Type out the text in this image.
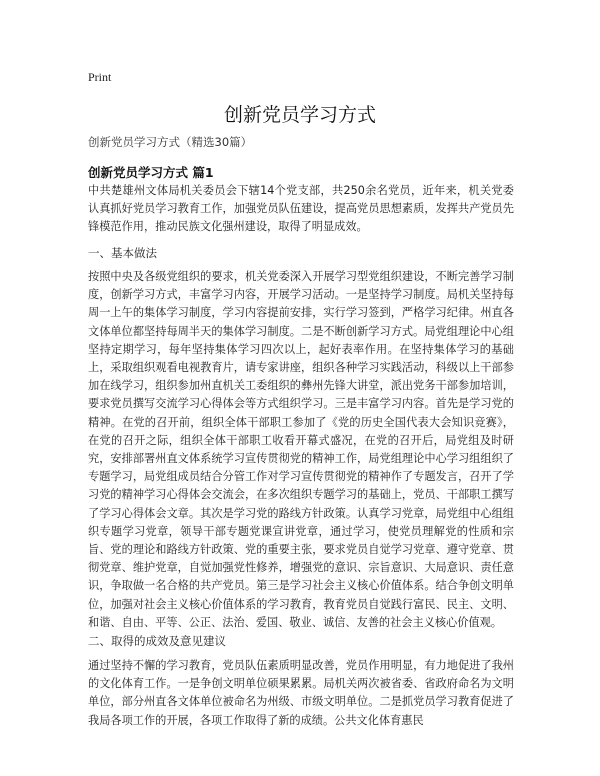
Print
创新党员学习方式
创新党员学习方式（精选30篇）
创新党员学习方式 篇1

中共楚雄州文体局机关委员会下辖14个党支部，共250余名党员，近年来，机关党委认真抓好党员学习教育工作，加强党员队伍建设，提高党员思想素质，发挥共产党员先锋模范作用，推动民族文化强州建设，取得了明显成效。

一、基本做法

按照中央及各级党组织的要求，机关党委深入开展学习型党组织建设，不断完善学习制度，创新学习方式，丰富学习内容，开展学习活动。一是坚持学习制度。局机关坚持每周一上午的集体学习制度，学习内容提前安排，实行学习签到，严格学习纪律。州直各文体单位都坚持每周半天的集体学习制度。二是不断创新学习方式。局党组理论中心组坚持定期学习，每年坚持集体学习四次以上，起好表率作用。在坚持集体学习的基础上，采取组织观看电视教育片，请专家讲座，组织各种学习实践活动，科级以上干部参加在线学习，组织参加州直机关工委组织的彝州先锋大讲堂，派出党务干部参加培训，要求党员撰写交流学习心得体会等方式组织学习。三是丰富学习内容。首先是学习党的精神。在党的召开前，组织全体干部职工参加了《党的历史全国代表大会知识竞赛》，在党的召开之际，组织全体干部职工收看开幕式盛况，在党的召开后，局党组及时研究，安排部署州直文体系统学习宣传贯彻党的精神工作，局党组理论中心学习组组织了专题学习，局党组成员结合分管工作对学习宣传贯彻党的精神作了专题发言，召开了学习党的精神学习心得体会交流会，在多次组织专题学习的基础上，党员、干部职工撰写了学习心得体会文章。其次是学习党的路线方针政策。认真学习党章，局党组中心组组织专题学习党章，领导干部专题党课宣讲党章，通过学习，使党员理解党的性质和宗旨、党的理论和路线方针政策、党的重要主张，要求党员自觉学习党章、遵守党章、贯彻党章、维护党章，自觉加强党性修养，增强党的意识、宗旨意识、大局意识、责任意识，争取做一名合格的共产党员。第三是学习社会主义核心价值体系。结合争创文明单位，加强对社会主义核心价值体系的学习教育，教育党员自觉践行富民、民主、文明、和谐、自由、平等、公正、法治、爱国、敬业、诚信、友善的社会主义核心价值观。

二、取得的成效及意见建议

通过坚持不懈的学习教育，党员队伍素质明显改善，党员作用明显，有力地促进了我州的文化体育工作。一是争创文明单位硕果累累。局机关两次被省委、省政府命名为文明单位，部分州直各文体单位被命名为州级、市级文明单位。二是抓党员学习教育促进了我局各项工作的开展，各项工作取得了新的成绩。公共文化体育惠民
